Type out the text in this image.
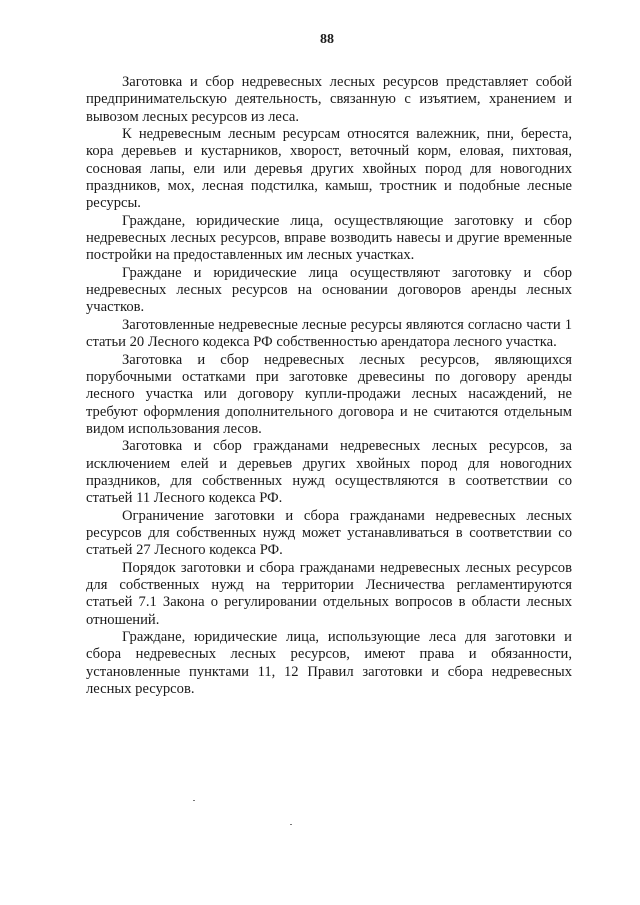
88

Заготовка и сбор недревесных лесных ресурсов представляет собой предпринимательскую деятельность, связанную с изъятием, хранением и вывозом лесных ресурсов из леса.

К недревесным лесным ресурсам относятся валежник, пни, береста, кора деревьев и кустарников, хворост, веточный корм, еловая, пихтовая, сосновая лапы, ели или деревья других хвойных пород для новогодних праздников, мох, лесная подстилка, камыш, тростник и подобные лесные ресурсы.

Граждане, юридические лица, осуществляющие заготовку и сбор недревесных лесных ресурсов, вправе возводить навесы и другие временные постройки на предоставленных им лесных участках.

Граждане и юридические лица осуществляют заготовку и сбор недревесных лесных ресурсов на основании договоров аренды лесных участков.

Заготовленные недревесные лесные ресурсы являются согласно части 1 статьи 20 Лесного кодекса РФ собственностью арендатора лесного участка.

Заготовка и сбор недревесных лесных ресурсов, являющихся порубочными остатками при заготовке древесины по договору аренды лесного участка или договору купли-продажи лесных насаждений, не требуют оформления дополнительного договора и не считаются отдельным видом использования лесов.

Заготовка и сбор гражданами недревесных лесных ресурсов, за исключением елей и деревьев других хвойных пород для новогодних праздников, для собственных нужд осуществляются в соответствии со статьей 11 Лесного кодекса РФ.

Ограничение заготовки и сбора гражданами недревесных лесных ресурсов для собственных нужд может устанавливаться в соответствии со статьей 27 Лесного кодекса РФ.

Порядок заготовки и сбора гражданами недревесных лесных ресурсов для собственных нужд на территории Лесничества регламентируются статьей 7.1 Закона о регулировании отдельных вопросов в области лесных отношений.

Граждане, юридические лица, использующие леса для заготовки и сбора недревесных лесных ресурсов, имеют права и обязанности, установленные пунктами 11, 12 Правил заготовки и сбора недревесных лесных ресурсов.
